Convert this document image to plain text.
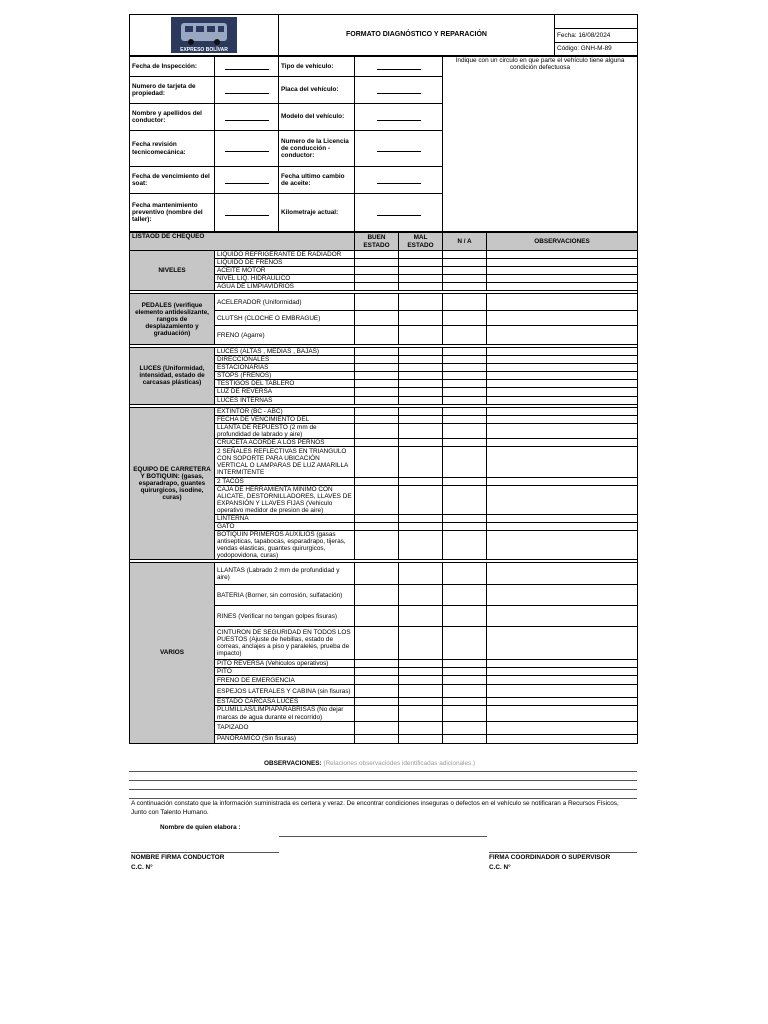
EXPRESO BOLÍVAR
	FORMATO DIAGNÓSTICO Y REPARACIÓN	
Fecha: 16/08/2024
Código: GNH-M-89
Fecha de Inspección:		Tipo de vehículo:		Indique con un circulo en que parte el vehículo tiene alguna condición defectuosa
Numero de tarjeta de propiedad:		Placa del vehículo:		

Nombre y apellidos del conductor:		Modelo del vehículo:		

Fecha revisión tecnicomecánica:		Numero de la Licencia de conducción - conductor:		

Fecha de vencimiento del soat:		Fecha ultimo cambio de aceite:		

Fecha mantenimiento preventivo (nombre del taller):		Kilometraje actual:		
LISTAOD DE CHEQUEO		BUEN ESTADO	MAL ESTADO	N / A	OBSERVACIONES
NIVELES	LIQUIDO REFRIGERANTE DE RADIADOR				
	LIQUIDO DE FRENOS				
	ACEITE MOTOR				
	NIVEL LIQ. HIDRAULICO				
	AGUA DE LIMPIAVIDRIOS				

PEDALES (verifique elemento antideslizante, rangos de desplazamiento y graduación)	ACELERADOR (Uniformidad)				
	CLUTSH (CLOCHE O EMBRAGUE)				
	FRENO (Agarre)				

LUCES (Uniformidad, intensidad, estado de carcasas plásticas)	LUCES (ALTAS , MEDIAS , BAJAS)				
	DIRECCIONALES				
	ESTACIONARIAS				
	STOPS (FRENOS)				
	TESTIGOS DEL TABLERO				
	LUZ DE REVERSA				
	LUCES INTERNAS				

EQUIPO DE CARRETERA Y BOTIQUIN: (gasas, esparadrapo, guantes quirurgicos, isodine, curas)	EXTINTOR (BC - ABC)				
	FECHA DE VENCIMIENTO DEL				
	LLANTA DE REPUESTO (2 mm de profundidad de labrado y aire)				
	CRUCETA ACORDE A LOS PERNOS				
	2 SEÑALES REFLECTIVAS EN TRIANGULO CON SOPORTE PARA UBICACIÓN VERTICAL O LAMPARAS DE LUZ AMARILLA INTERMITENTE				
	2 TACOS				
	CAJA DE HERRAMIENTA MINIMO CON ALICATE, DESTORNILLADORES, LLAVES DE EXPANSIÓN Y LLAVES FIJAS (Vehiculo operativo medidor de presion de aire)				
	LINTERNA				
	GATO				
	BOTIQUIN PRIMEROS AUXILIOS (gasas antisepticas, tapabocas, esparadrapo, tijeras, vendas elasticas, guantes quirurgicos, yodopovidona, curas)				

VARIOS	LLANTAS (Labrado 2 mm de profundidad y aire)				
	BATERIA (Borner, sin corrosión, sulfatación)				
	RINES (Verificar no tengan golpes fisuras)				
	CINTURON DE SEGURIDAD EN TODOS LOS PUESTOS (Ajuste de hebillas, estado de correas, anclajes a piso y paraleles, prueba de impacto)				
	PITO REVERSA (Vehiculos operativos)				
	PITO				
	FRENO DE EMERGENCIA				
	ESPEJOS LATERALES Y CABINA (sin fisuras)				
	ESTADO CARCASA LUCES				
	PLUMILLAS/LIMPIAPARABRISAS (No dejar marcas de agua durante el recorrido)				
	TAPIZADO				
	PANORAMICO (Sin fisuras)				
OBSERVACIONES: (Relaciones observaciodes identificadas adicionales.)
A continuación constato que la información suministrada es certera y veraz. De encontrar condiciones inseguras o defectos en el vehículo se notificaran a Recursos Físicos, Junto con Talento Humano.
Nombre de quien elabora :
NOMBRE FIRMA CONDUCTOR
C.C. N°
FIRMA COORDINADOR O SUPERVISOR
C.C. N°
